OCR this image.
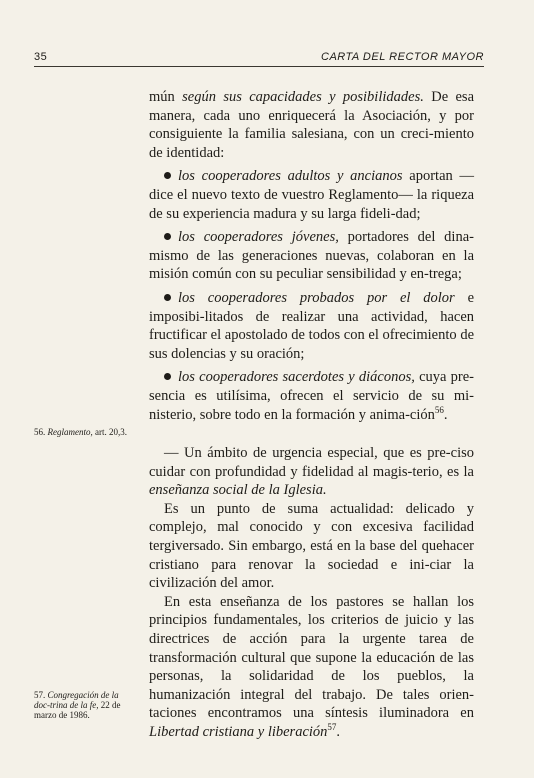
35	CARTA DEL RECTOR MAYOR

mún según sus capacidades y posibilidades. De esa manera, cada uno enriquecerá la Asociación, y por consiguiente la familia salesiana, con un creci-miento de identidad:

los cooperadores adultos y ancianos aportan —dice el nuevo texto de vuestro Reglamento— la riqueza de su experiencia madura y su larga fideli-dad;

los cooperadores jóvenes, portadores del dina-mismo de las generaciones nuevas, colaboran en la misión común con su peculiar sensibilidad y en-trega;

los cooperadores probados por el dolor e imposibi-litados de realizar una actividad, hacen fructificar el apostolado de todos con el ofrecimiento de sus dolencias y su oración;

los cooperadores sacerdotes y diáconos, cuya pre-sencia es utilísima, ofrecen el servicio de su mi-nisterio, sobre todo en la formación y anima-ción$^{56}$.

— Un ámbito de urgencia especial, que es pre-ciso cuidar con profundidad y fidelidad al magis-terio, es la enseñanza social de la Iglesia.

Es un punto de suma actualidad: delicado y complejo, mal conocido y con excesiva facilidad tergiversado. Sin embargo, está en la base del quehacer cristiano para renovar la sociedad e ini-ciar la civilización del amor.

En esta enseñanza de los pastores se hallan los principios fundamentales, los criterios de juicio y las directrices de acción para la urgente tarea de transformación cultural que supone la educación de las personas, la solidaridad de los pueblos, la humanización integral del trabajo. De tales orien-taciones encontramos una síntesis iluminadora en Libertad cristiana y liberación$^{57}$.

56. Reglamento, art. 20,3.
57. Congregación de la doc-trina de la fe, 22 de marzo de 1986.
